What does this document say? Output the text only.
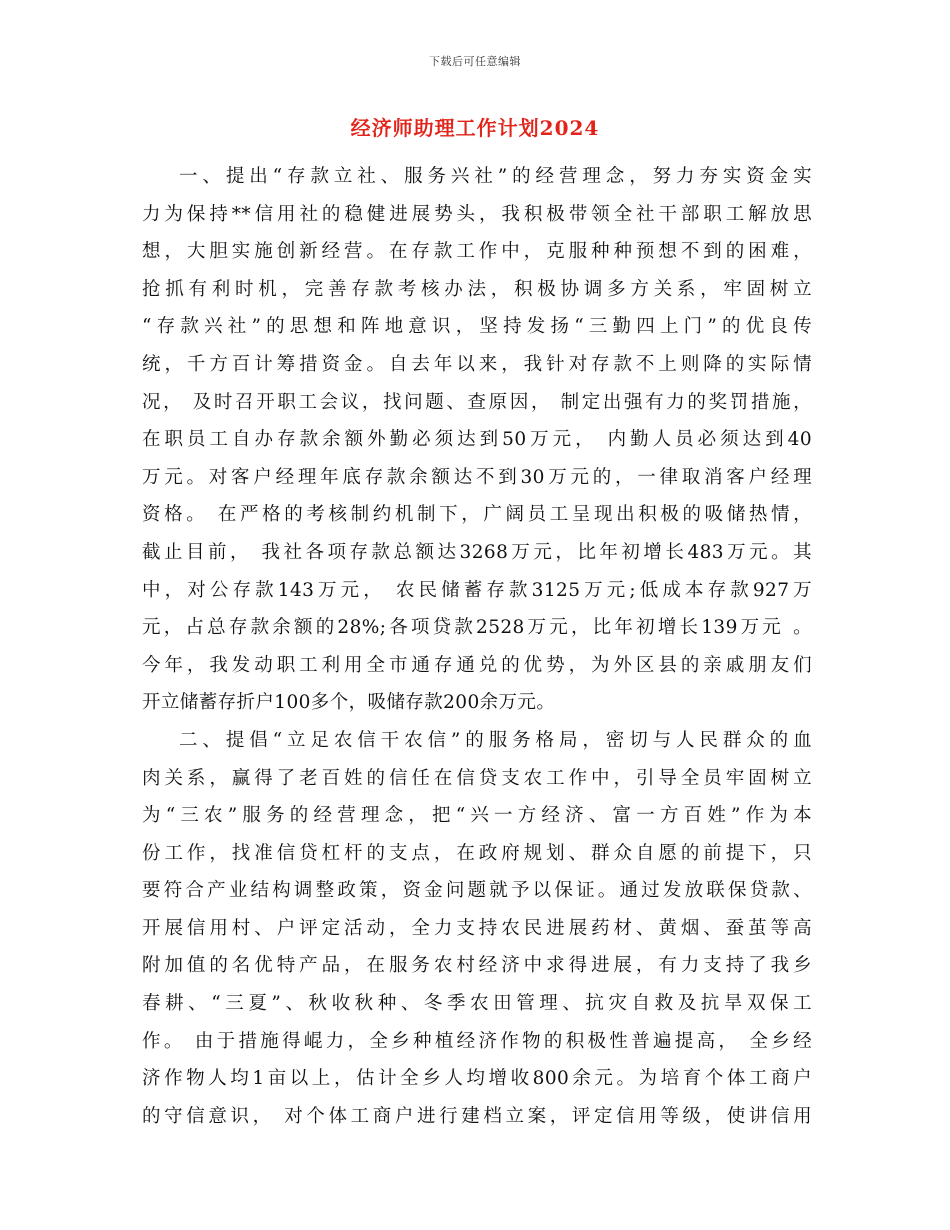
下载后可任意编辑
经济师助理工作计划2024
一、提出“存款立社、服务兴社”的经营理念，努力夯实资金实
力为保持**信用社的稳健进展势头，我积极带领全社干部职工解放思
想，大胆实施创新经营。在存款工作中，克服种种预想不到的困难，
抢抓有利时机，完善存款考核办法，积极协调多方关系，牢固树立
“存款兴社”的思想和阵地意识，坚持发扬“三勤四上门”的优良传
统，千方百计筹措资金。自去年以来，我针对存款不上则降的实际情
况， 及时召开职工会议，找问题、查原因， 制定出强有力的奖罚措施，
在职员工自办存款余额外勤必须达到50万元， 内勤人员必须达到40
万元。对客户经理年底存款余额达不到30万元的，一律取消客户经理
资格。 在严格的考核制约机制下，广阔员工呈现出积极的吸储热情，
截止目前， 我社各项存款总额达3268万元，比年初增长483万元。其
中，对公存款143万元， 农民储蓄存款3125万元;低成本存款927万
元，占总存款余额的28%;各项贷款2528万元，比年初增长139万元 。
今年，我发动职工利用全市通存通兑的优势，为外区县的亲戚朋友们
开立储蓄存折户100多个，吸储存款200余万元。
二、提倡“立足农信干农信”的服务格局，密切与人民群众的血
肉关系，赢得了老百姓的信任在信贷支农工作中，引导全员牢固树立
为“三农”服务的经营理念，把“兴一方经济、富一方百姓”作为本
份工作，找准信贷杠杆的支点，在政府规划、群众自愿的前提下，只
要符合产业结构调整政策，资金问题就予以保证。通过发放联保贷款、
开展信用村、户评定活动，全力支持农民进展药材、黄烟、蚕茧等高
附加值的名优特产品，在服务农村经济中求得进展，有力支持了我乡
春耕、“三夏”、秋收秋种、冬季农田管理、抗灾自救及抗旱双保工
作。 由于措施得崐力，全乡种植经济作物的积极性普遍提高， 全乡经
济作物人均1亩以上，估计全乡人均增收800余元。为培育个体工商户
的守信意识， 对个体工商户进行建档立案，评定信用等级，使讲信用
